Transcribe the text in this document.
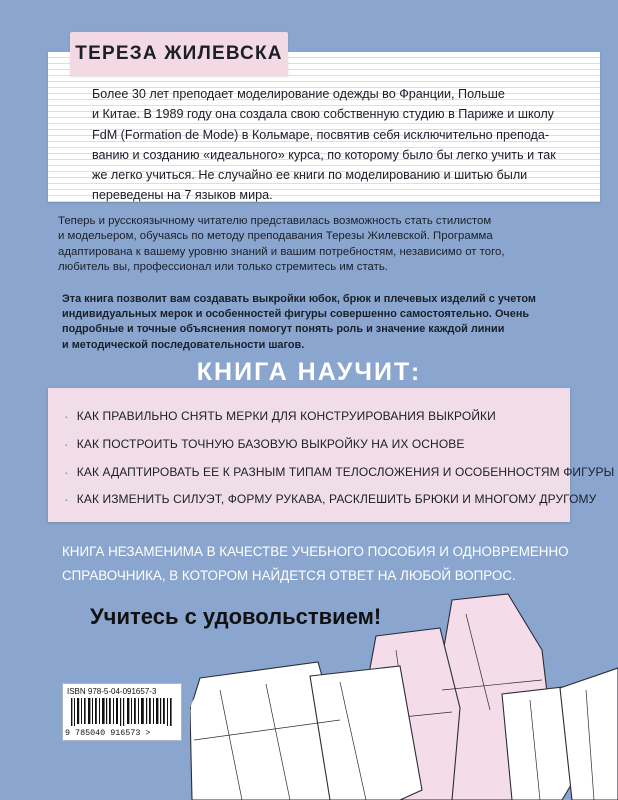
ТЕРЕЗА ЖИЛЕВСКА
Более 30 лет преподает моделирование одежды во Франции, Польше
и Китае. В 1989 году она создала свою собственную студию в Париже и школу
FdM (Formation de Mode) в Кольмаре, посвятив себя исключительно препода-
ванию и созданию «идеального» курса, по которому было бы легко учить и так
же легко учиться. Не случайно ее книги по моделированию и шитью были
переведены на 7 языков мира.
Теперь и русскоязычному читателю представилась возможность стать стилистом
и модельером, обучаясь по методу преподавания Терезы Жилевской. Программа
адаптирована к вашему уровню знаний и вашим потребностям, независимо от того,
любитель вы, профессионал или только стремитесь им стать.
Эта книга позволит вам создавать выкройки юбок, брюк и плечевых изделий с учетом
индивидуальных мерок и особенностей фигуры совершенно самостоятельно. Очень
подробные и точные объяснения помогут понять роль и значение каждой линии
и методической последовательности шагов.
КНИГА НАУЧИТ:
· КАК ПРАВИЛЬНО СНЯТЬ МЕРКИ ДЛЯ КОНСТРУИРОВАНИЯ ВЫКРОЙКИ
· КАК ПОСТРОИТЬ ТОЧНУЮ БАЗОВУЮ ВЫКРОЙКУ НА ИХ ОСНОВЕ
· КАК АДАПТИРОВАТЬ ЕЕ К РАЗНЫМ ТИПАМ ТЕЛОСЛОЖЕНИЯ И ОСОБЕННОСТЯМ ФИГУРЫ
· КАК ИЗМЕНИТЬ СИЛУЭТ, ФОРМУ РУКАВА, РАСКЛЕШИТЬ БРЮКИ И МНОГОМУ ДРУГОМУ
КНИГА НЕЗАМЕНИМА В КАЧЕСТВЕ УЧЕБНОГО ПОСОБИЯ И ОДНОВРЕМЕННО
СПРАВОЧНИКА, В КОТОРОМ НАЙДЕТСЯ ОТВЕТ НА ЛЮБОЙ ВОПРОС.
Учитесь с удовольствием!
ISBN 978-5-04-091657-3
9 785040 916573 >
